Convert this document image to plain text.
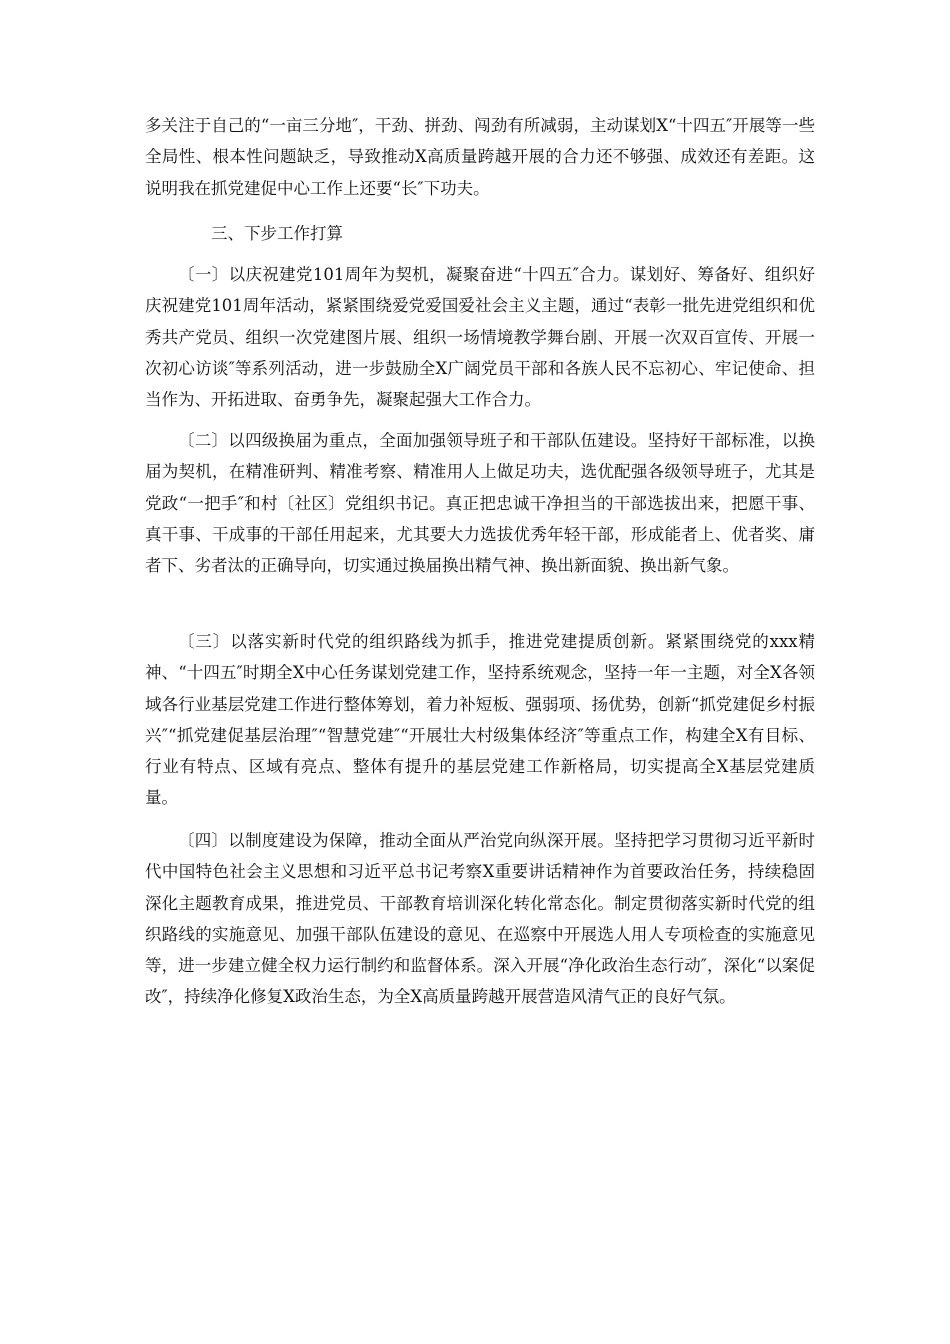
多关注于自己的“一亩三分地″，干劲、拼劲、闯劲有所减弱，主动谋划X“十四五″开展等一些全局性、根本性问题缺乏，导致推动X高质量跨越开展的合力还不够强、成效还有差距。这说明我在抓党建促中心工作上还要“长″下功夫。

三、下步工作打算

〔一〕以庆祝建党101周年为契机，凝聚奋进“十四五″合力。谋划好、筹备好、组织好庆祝建党101周年活动，紧紧围绕爱党爱国爱社会主义主题，通过“表彰一批先进党组织和优秀共产党员、组织一次党建图片展、组织一场情境教学舞台剧、开展一次双百宣传、开展一次初心访谈″等系列活动，进一步鼓励全X广阔党员干部和各族人民不忘初心、牢记使命、担当作为、开拓进取、奋勇争先，凝聚起强大工作合力。

〔二〕以四级换届为重点，全面加强领导班子和干部队伍建设。坚持好干部标准，以换届为契机，在精准研判、精准考察、精准用人上做足功夫，选优配强各级领导班子，尤其是党政“一把手″和村〔社区〕党组织书记。真正把忠诚干净担当的干部选拔出来，把愿干事、真干事、干成事的干部任用起来，尤其要大力选拔优秀年轻干部，形成能者上、优者奖、庸者下、劣者汰的正确导向，切实通过换届换出精气神、换出新面貌、换出新气象。

〔三〕以落实新时代党的组织路线为抓手，推进党建提质创新。紧紧围绕党的xxx精神、“十四五″时期全X中心任务谋划党建工作，坚持系统观念，坚持一年一主题，对全X各领域各行业基层党建工作进行整体筹划，着力补短板、强弱项、扬优势，创新“抓党建促乡村振兴″“抓党建促基层治理″“智慧党建″“开展壮大村级集体经济″等重点工作，构建全X有目标、行业有特点、区域有亮点、整体有提升的基层党建工作新格局，切实提高全X基层党建质量。

〔四〕以制度建设为保障，推动全面从严治党向纵深开展。坚持把学习贯彻习近平新时代中国特色社会主义思想和习近平总书记考察X重要讲话精神作为首要政治任务，持续稳固深化主题教育成果，推进党员、干部教育培训深化转化常态化。制定贯彻落实新时代党的组织路线的实施意见、加强干部队伍建设的意见、在巡察中开展选人用人专项检查的实施意见等，进一步建立健全权力运行制约和监督体系。深入开展“净化政治生态行动″，深化“以案促改″，持续净化修复X政治生态，为全X高质量跨越开展营造风清气正的良好气氛。
